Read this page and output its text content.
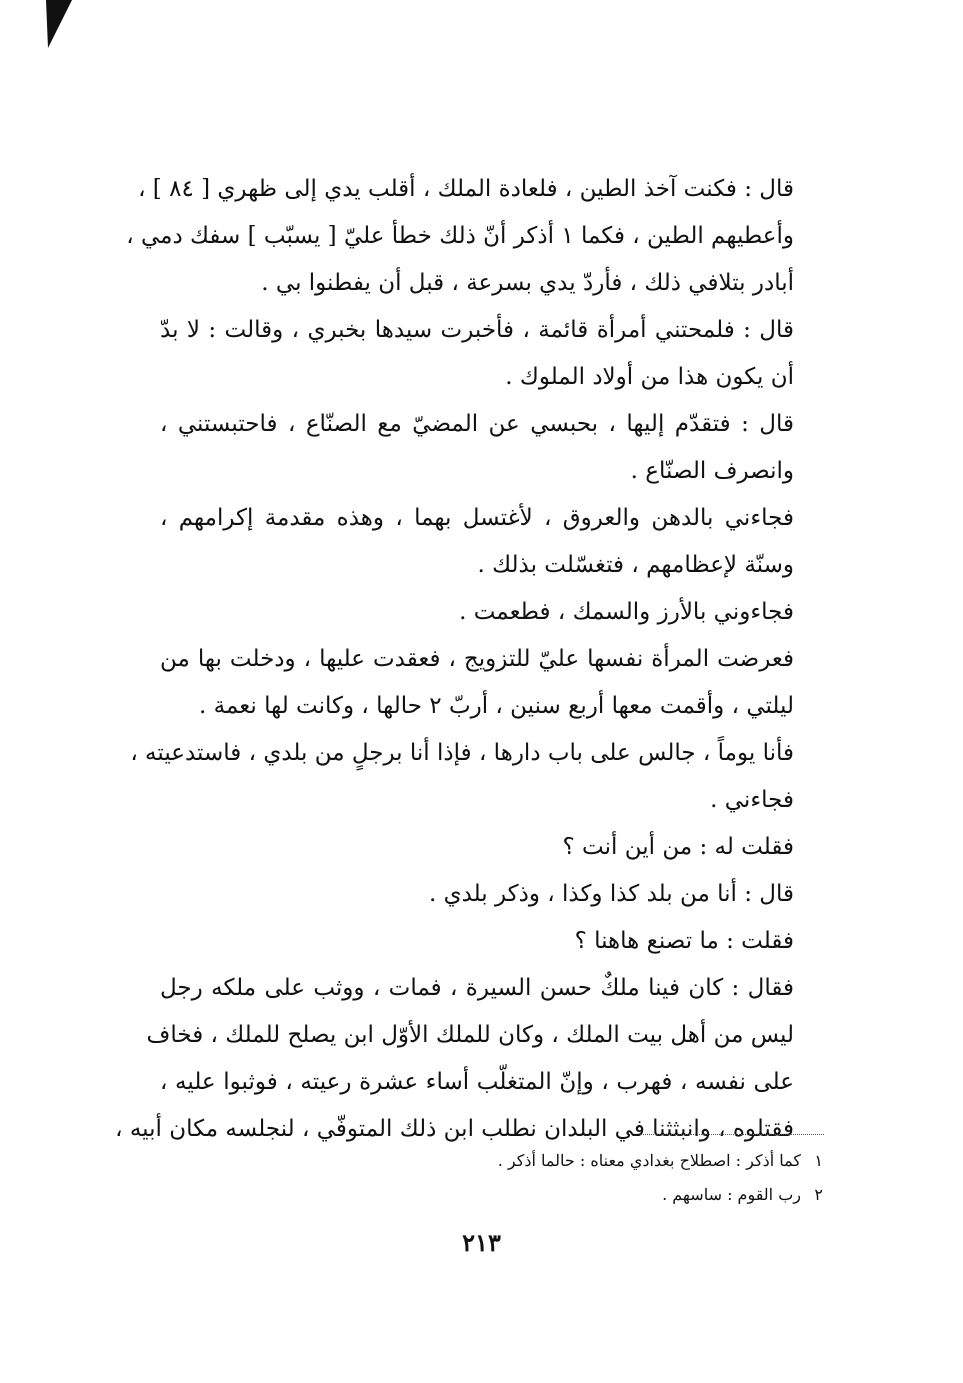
قال : فكنت آخذ الطين ، فلعادة الملك ، أقلب يدي إلى ظهري [ ٨٤ ] ،
وأعطيهم الطين ، فكما ١ أذكر أنّ ذلك خطأ عليّ [ يسبّب ] سفك دمي ،
أبادر بتلافي ذلك ، فأردّ يدي بسرعة ، قبل أن يفطنوا بي .

قال : فلمحتني أمرأة قائمة ، فأخبرت سيدها بخبري ، وقالت : لا بدّ
أن يكون هذا من أولاد الملوك .

قال : فتقدّم إليها ، بحبسي عن المضيّ مع الصنّاع ، فاحتبستني ،
وانصرف الصنّاع .

فجاءني بالدهن والعروق ، لأغتسل بهما ، وهذه مقدمة إكرامهم ،
وسنّة لإعظامهم ، فتغسّلت بذلك .

فجاءوني بالأرز والسمك ، فطعمت .

فعرضت المرأة نفسها عليّ للتزويج ، فعقدت عليها ، ودخلت بها من
ليلتي ، وأقمت معها أربع سنين ، أربّ ٢ حالها ، وكانت لها نعمة .

فأنا يوماً ، جالس على باب دارها ، فإذا أنا برجلٍ من بلدي ، فاستدعيته ،
فجاءني .

فقلت له : من أين أنت ؟

قال : أنا من بلد كذا وكذا ، وذكر بلدي .

فقلت : ما تصنع هاهنا ؟

فقال : كان فينا ملكٌ حسن السيرة ، فمات ، ووثب على ملكه رجل
ليس من أهل بيت الملك ، وكان للملك الأوّل ابن يصلح للملك ، فخاف
على نفسه ، فهرب ، وإنّ المتغلّب أساء عشرة رعيته ، فوثبوا عليه ،
فقتلوه ، وانبثثنا في البلدان نطلب ابن ذلك المتوفّي ، لنجلسه مكان أبيه ،

١كما أذكر : اصطلاح بغدادي معناه : حالما أذكر .
٢رب القوم : ساسهم .
٢١٣
